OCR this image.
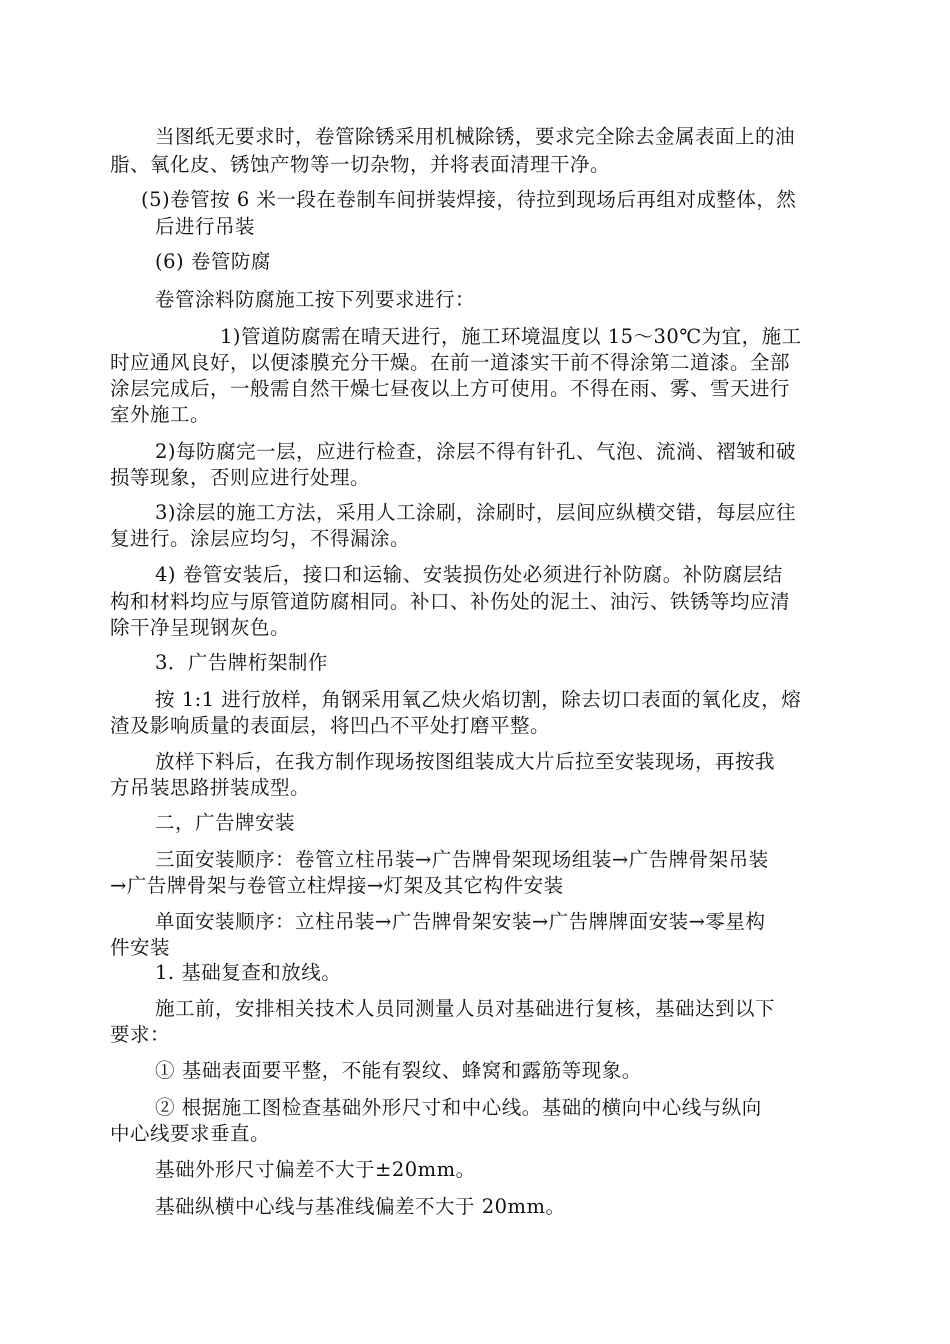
当图纸无要求时，卷管除锈采用机械除锈，要求完全除去金属表面上的油
脂、氧化皮、锈蚀产物等一切杂物，并将表面清理干净。
(5)卷管按 6 米一段在卷制车间拼装焊接，待拉到现场后再组对成整体，然
后进行吊装
(6) 卷管防腐
卷管涂料防腐施工按下列要求进行：
1)管道防腐需在晴天进行，施工环境温度以 15～30℃为宜，施工
时应通风良好，以便漆膜充分干燥。在前一道漆实干前不得涂第二道漆。全部
涂层完成后，一般需自然干燥七昼夜以上方可使用。不得在雨、雾、雪天进行
室外施工。
2)每防腐完一层，应进行检查，涂层不得有针孔、气泡、流淌、褶皱和破
损等现象，否则应进行处理。
3)涂层的施工方法，采用人工涂刷，涂刷时，层间应纵横交错，每层应往
复进行。涂层应均匀，不得漏涂。
4) 卷管安装后，接口和运输、安装损伤处必须进行补防腐。补防腐层结
构和材料均应与原管道防腐相同。补口、补伤处的泥土、油污、铁锈等均应清
除干净呈现钢灰色。
3．广告牌桁架制作
按 1:1 进行放样，角钢采用氧乙炔火焰切割，除去切口表面的氧化皮，熔
渣及影响质量的表面层，将凹凸不平处打磨平整。
放样下料后，在我方制作现场按图组装成大片后拉至安装现场，再按我
方吊装思路拼装成型。
二，广告牌安装
三面安装顺序：卷管立柱吊装→广告牌骨架现场组装→广告牌骨架吊装
→广告牌骨架与卷管立柱焊接→灯架及其它构件安装
单面安装顺序：立柱吊装→广告牌骨架安装→广告牌牌面安装→零星构
件安装
1. 基础复查和放线。
施工前，安排相关技术人员同测量人员对基础进行复核，基础达到以下
要求：
① 基础表面要平整，不能有裂纹、蜂窝和露筋等现象。
② 根据施工图检查基础外形尺寸和中心线。基础的横向中心线与纵向
中心线要求垂直。
基础外形尺寸偏差不大于±20mm。
基础纵横中心线与基准线偏差不大于 20mm。
